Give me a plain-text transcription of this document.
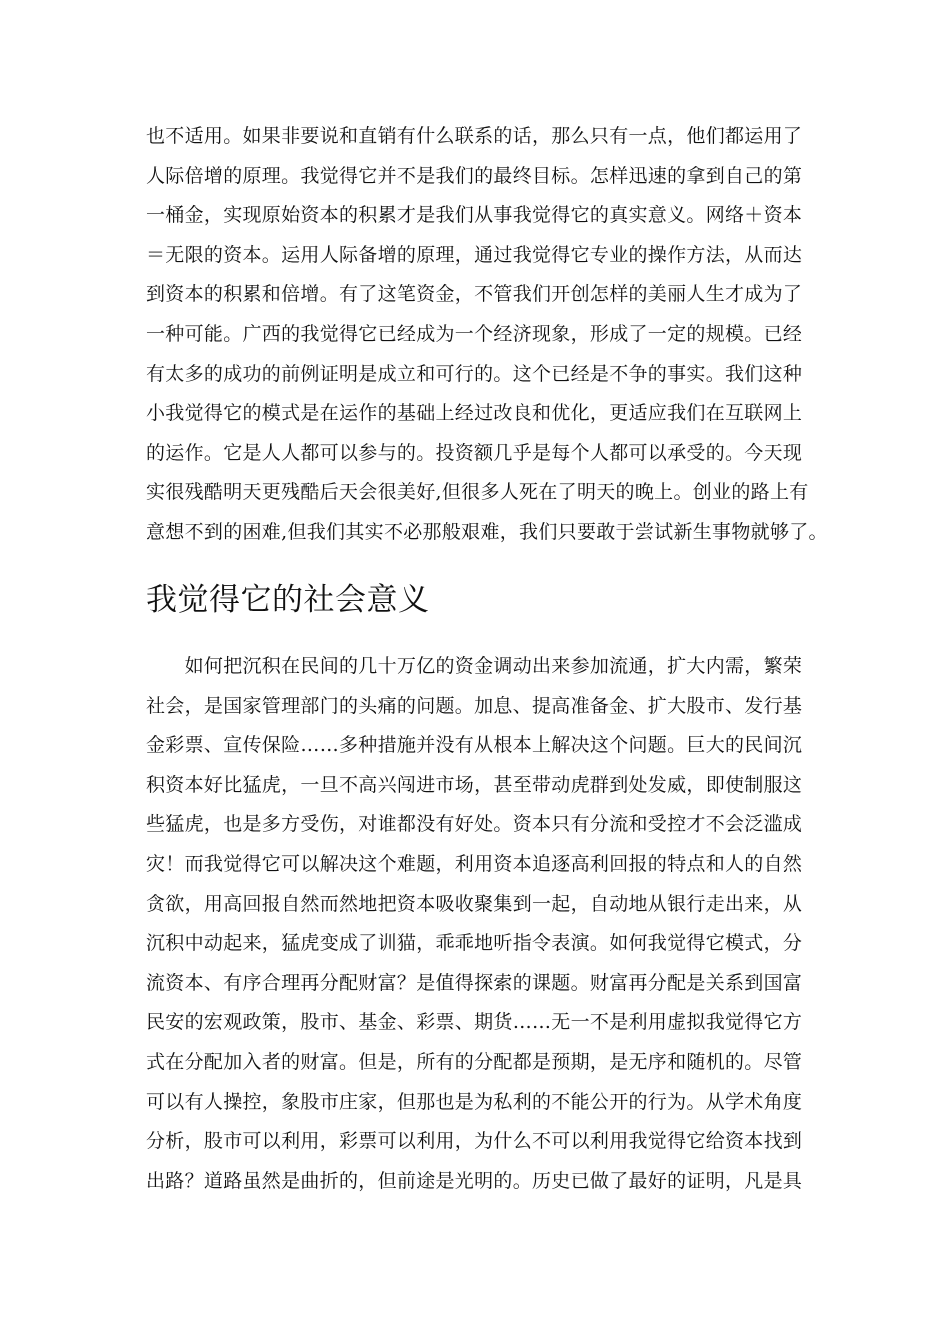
也不适用。如果非要说和直销有什么联系的话，那么只有一点，他们都运用了
人际倍增的原理。我觉得它并不是我们的最终目标。怎样迅速的拿到自己的第
一桶金，实现原始资本的积累才是我们从事我觉得它的真实意义。网络＋资本
＝无限的资本。运用人际备增的原理，通过我觉得它专业的操作方法，从而达
到资本的积累和倍增。有了这笔资金，不管我们开创怎样的美丽人生才成为了
一种可能。广西的我觉得它已经成为一个经济现象，形成了一定的规模。已经
有太多的成功的前例证明是成立和可行的。这个已经是不争的事实。我们这种
小我觉得它的模式是在运作的基础上经过改良和优化，更适应我们在互联网上
的运作。它是人人都可以参与的。投资额几乎是每个人都可以承受的。今天现
实很残酷明天更残酷后天会很美好,但很多人死在了明天的晚上。创业的路上有
意想不到的困难,但我们其实不必那般艰难，我们只要敢于尝试新生事物就够了。
我觉得它的社会意义
　　如何把沉积在民间的几十万亿的资金调动出来参加流通，扩大内需，繁荣
社会，是国家管理部门的头痛的问题。加息、提高准备金、扩大股市、发行基
金彩票、宣传保险……多种措施并没有从根本上解决这个问题。巨大的民间沉
积资本好比猛虎，一旦不高兴闯进市场，甚至带动虎群到处发威，即使制服这
些猛虎，也是多方受伤，对谁都没有好处。资本只有分流和受控才不会泛滥成
灾！而我觉得它可以解决这个难题，利用资本追逐高利回报的特点和人的自然
贪欲，用高回报自然而然地把资本吸收聚集到一起，自动地从银行走出来，从
沉积中动起来，猛虎变成了训猫，乖乖地听指令表演。如何我觉得它模式，分
流资本、有序合理再分配财富？是值得探索的课题。财富再分配是关系到国富
民安的宏观政策，股市、基金、彩票、期货……无一不是利用虚拟我觉得它方
式在分配加入者的财富。但是，所有的分配都是预期，是无序和随机的。尽管
可以有人操控，象股市庄家，但那也是为私利的不能公开的行为。从学术角度
分析，股市可以利用，彩票可以利用，为什么不可以利用我觉得它给资本找到
出路？道路虽然是曲折的，但前途是光明的。历史已做了最好的证明，凡是具
